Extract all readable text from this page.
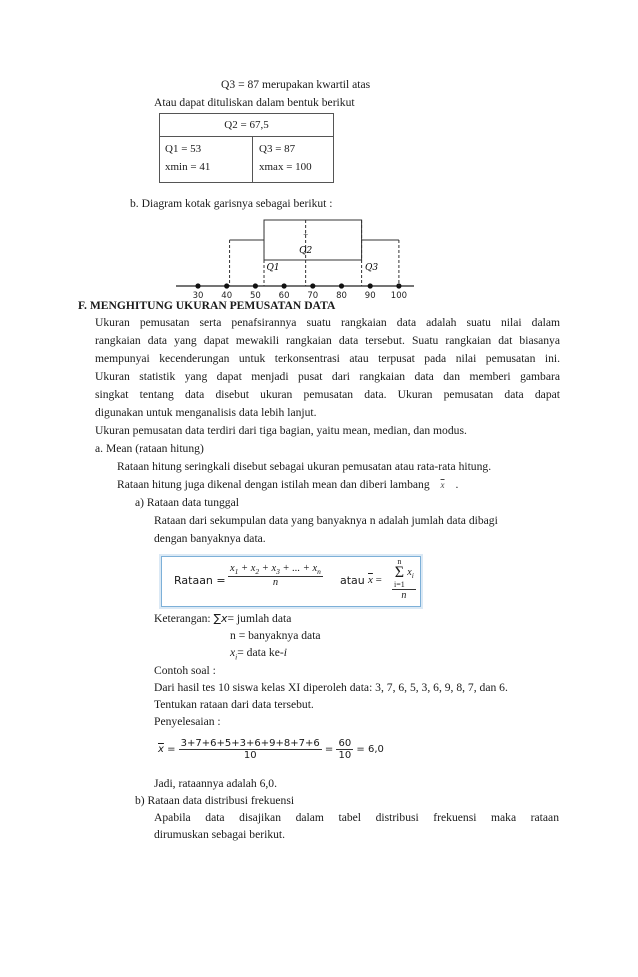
Q3 = 87 merupakan kwartil atas
Atau dapat dituliskan dalam bentuk berikut
Q2 = 67,5
Q1 = 53
xmin = 41
Q3 = 87
xmax = 100
b. Diagram kotak garisnya sebagai berikut :
30 40 50 60 70 80 90 100
+
Q2
Q1	Q3
F. MENGHITUNG UKURAN PEMUSATAN DATA
Ukuran pemusatan serta penafsirannya suatu rangkaian data adalah suatu nilai dalam
rangkaian data yang dapat mewakili rangkaian data tersebut. Suatu rangkaian dat biasanya
mempunyai kecenderungan untuk terkonsentrasi atau terpusat pada nilai pemusatan ini.
Ukuran statistik yang dapat menjadi pusat dari rangkaian data dan memberi gambara
singkat tentang data disebut ukuran pemusatan data. Ukuran pemusatan data dapat
digunakan untuk menganalisis data lebih lanjut.
Ukuran pemusatan data terdiri dari tiga bagian, yaitu mean, median, dan modus.
a. Mean (rataan hitung)
Rataan hitung seringkali disebut sebagai ukuran pemusatan atau rata-rata hitung.
Rataan hitung juga dikenal dengan istilah mean dan diberi lambang $\overline{x}$ .
a) Rataan data tunggal
Rataan dari sekumpulan data yang banyaknya n adalah jumlah data dibagi
dengan banyaknya data.
Rataan = $\frac{x_1 + x_2 + x_3 + ... + x_n}{n}$ atau $\overline{x} = n$
Σ
i=1
$x_i$
n
Keterangan: ∑x= jumlah data
n = banyaknya data
$x_i=$ data ke-i
Contoh soal :
Dari hasil tes 10 siswa kelas XI diperoleh data: 3, 7, 6, 5, 3, 6, 9, 8, 7, dan 6.
Tentukan rataan dari data tersebut.
Penyelesaian :
$\overline{x} = \frac{3+7+6+5+3+6+9+8+7+6}{10} = \frac{60}{10} = 6,0$
Jadi, rataannya adalah 6,0.
b) Rataan data distribusi frekuensi
Apabila data disajikan dalam tabel distribusi frekuensi maka rataan
dirumuskan sebagai berikut.
